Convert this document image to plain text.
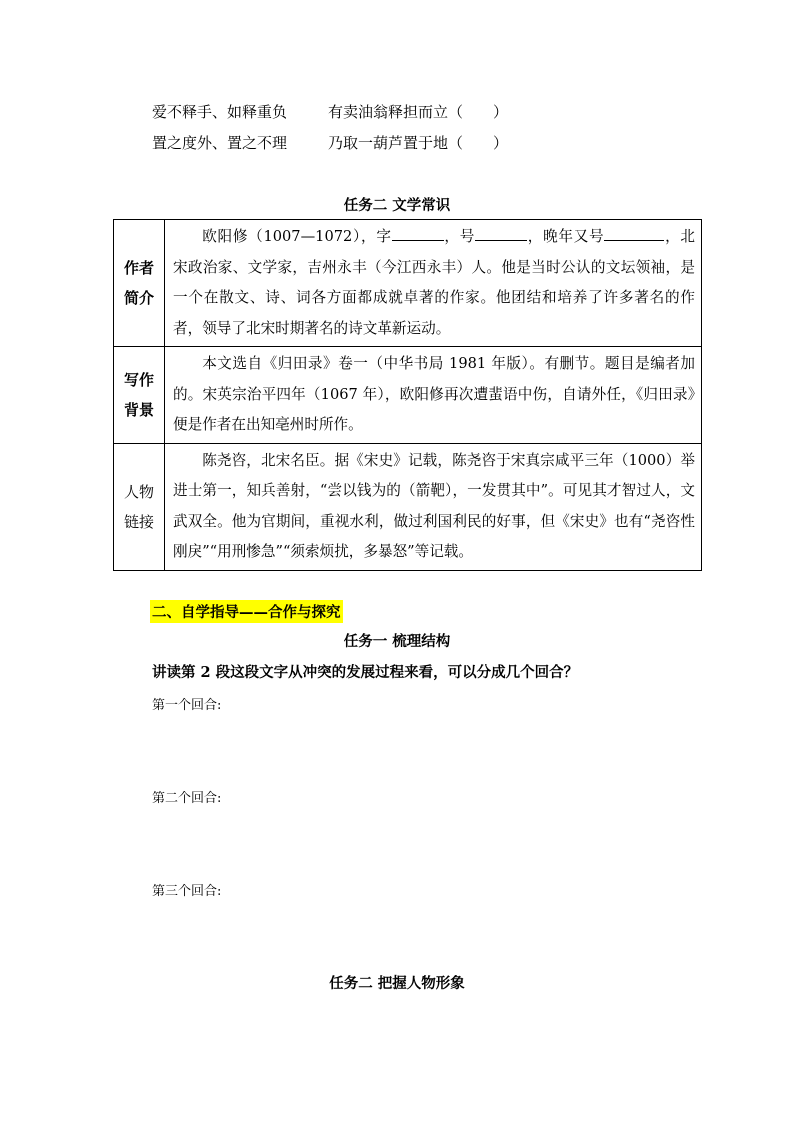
爱不释手、如释重负	有卖油翁释担而立（　　）
置之度外、置之不理	乃取一葫芦置于地（　　）
任务二 文学常识
作者
简介	欧阳修（1007—1072），字 ，号 ，晚年又号 ，北宋政治家、文学家，吉州永丰（今江西永丰）人。他是当时公认的文坛领袖，是一个在散文、诗、词各方面都成就卓著的作家。他团结和培养了许多著名的作者，领导了北宋时期著名的诗文革新运动。

写作
背景	本文选自《归田录》卷一（中华书局 1981 年版）。有删节。题目是编者加的。宋英宗治平四年（1067 年），欧阳修再次遭蜚语中伤，自请外任，《归田录》便是作者在出知亳州时所作。

人物
链接	陈尧咨，北宋名臣。据《宋史》记载，陈尧咨于宋真宗咸平三年（1000）举进士第一，知兵善射，“尝以钱为的（箭靶），一发贯其中”。可见其才智过人，文武双全。他为官期间，重视水利，做过利国利民的好事，但《宋史》也有“尧咨性刚戾”“用刑惨急”“须索烦扰，多暴怒”等记载。
二、自学指导——合作与探究
任务一 梳理结构
讲读第 2 段这段文字从冲突的发展过程来看，可以分成几个回合？
第一个回合:
第二个回合:
第三个回合:
任务二 把握人物形象
